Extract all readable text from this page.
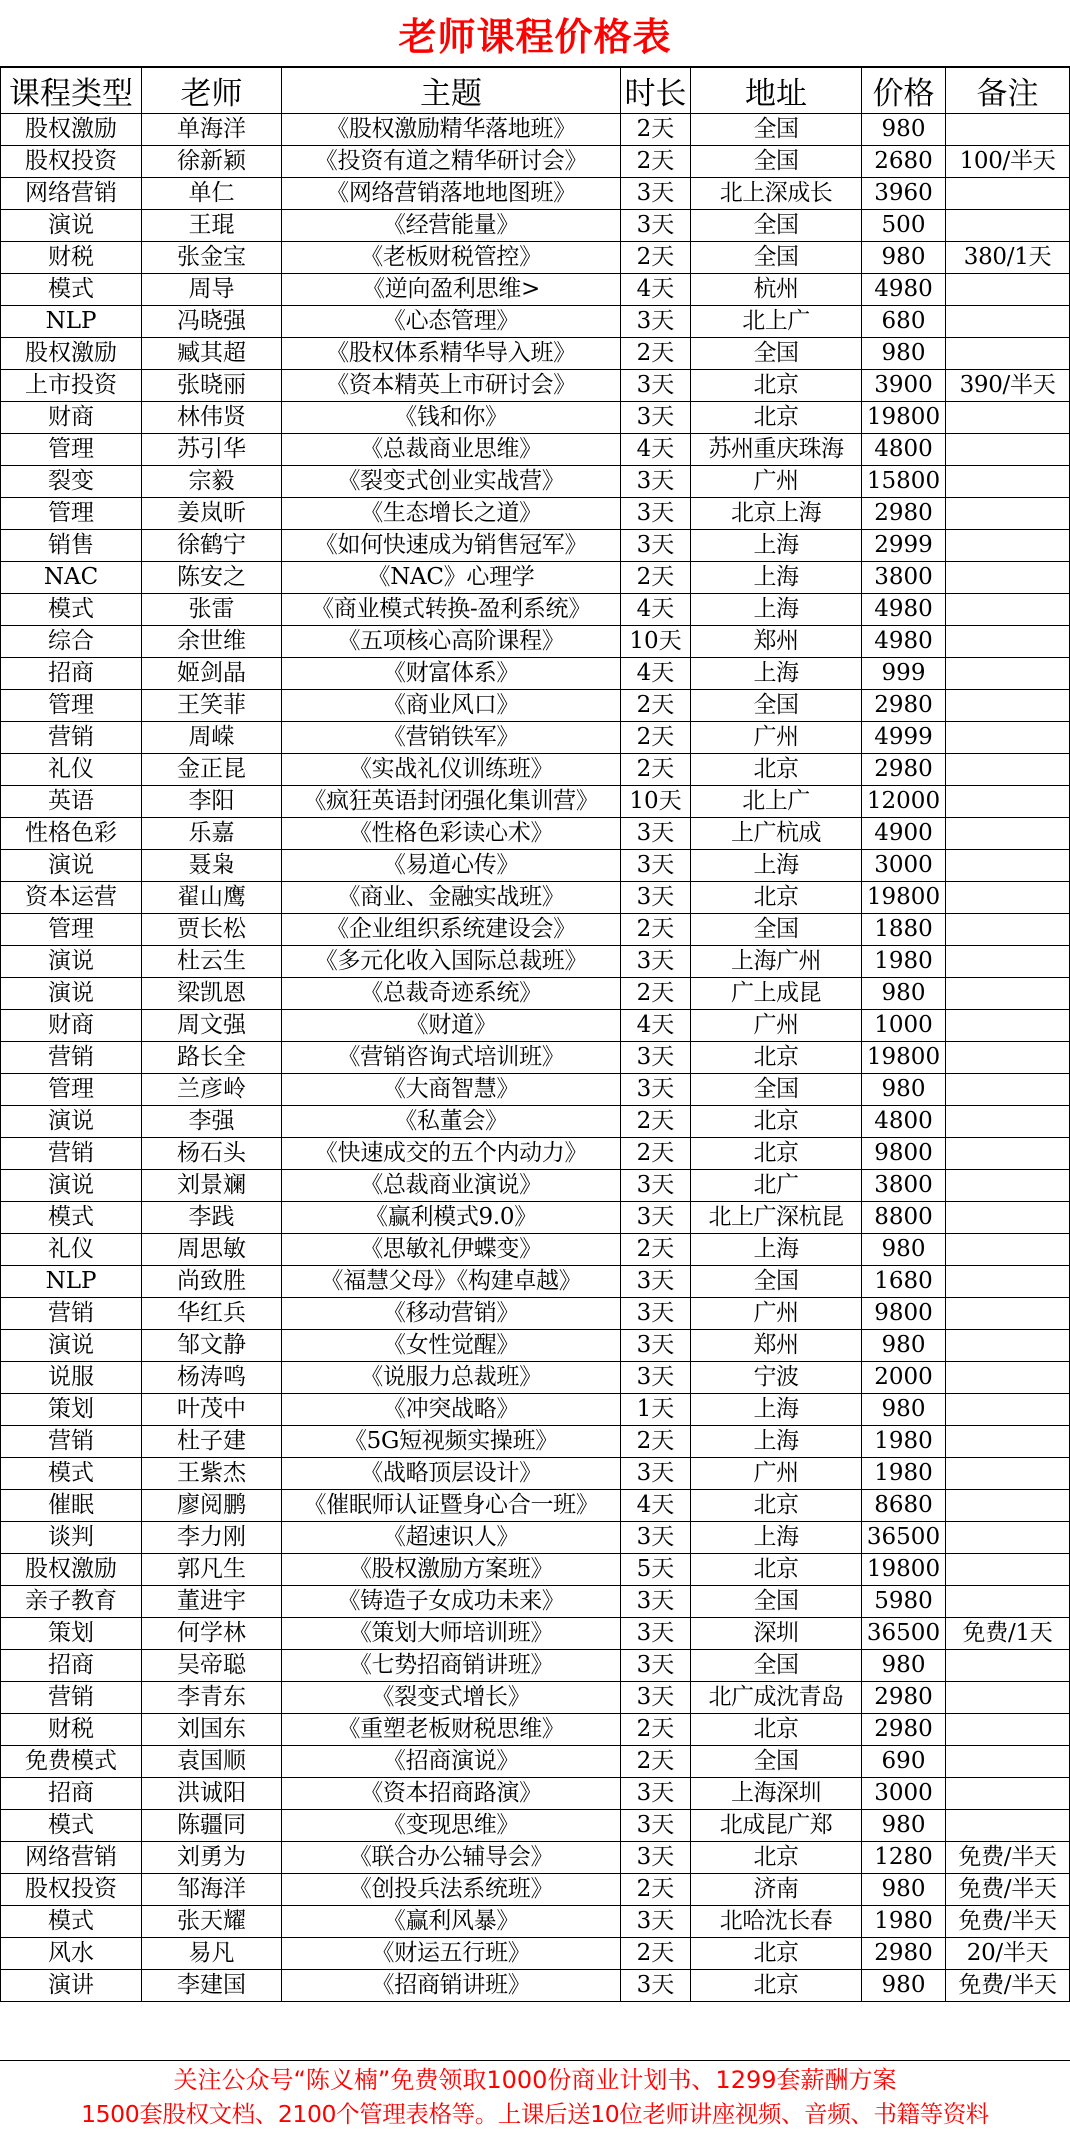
老师课程价格表
课程类型	老师	主题	时长	地址	价格	备注
股权激励	单海洋	《股权激励精华落地班》	2天	全国	980	
股权投资	徐新颖	《投资有道之精华研讨会》	2天	全国	2680	100/半天
网络营销	单仁	《网络营销落地地图班》	3天	北上深成长	3960	
演说	王琨	《经营能量》	3天	全国	500	
财税	张金宝	《老板财税管控》	2天	全国	980	380/1天
模式	周导	《逆向盈利思维>	4天	杭州	4980	
NLP	冯晓强	《心态管理》	3天	北上广	680	
股权激励	臧其超	《股权体系精华导入班》	2天	全国	980	
上市投资	张晓丽	《资本精英上市研讨会》	3天	北京	3900	390/半天
财商	林伟贤	《钱和你》	3天	北京	19800	
管理	苏引华	《总裁商业思维》	4天	苏州重庆珠海	4800	
裂变	宗毅	《裂变式创业实战营》	3天	广州	15800	
管理	姜岚昕	《生态增长之道》	3天	北京上海	2980	
销售	徐鹤宁	《如何快速成为销售冠军》	3天	上海	2999	
NAC	陈安之	《NAC》心理学	2天	上海	3800	
模式	张雷	《商业模式转换-盈利系统》	4天	上海	4980	
综合	余世维	《五项核心高阶课程》	10天	郑州	4980	
招商	姬剑晶	《财富体系》	4天	上海	999	
管理	王笑菲	《商业风口》	2天	全国	2980	
营销	周嵘	《营销铁军》	2天	广州	4999	
礼仪	金正昆	《实战礼仪训练班》	2天	北京	2980	
英语	李阳	《疯狂英语封闭强化集训营》	10天	北上广	12000	
性格色彩	乐嘉	《性格色彩读心术》	3天	上广杭成	4900	
演说	聂枭	《易道心传》	3天	上海	3000	
资本运营	翟山鹰	《商业、金融实战班》	3天	北京	19800	
管理	贾长松	《企业组织系统建设会》	2天	全国	1880	
演说	杜云生	《多元化收入国际总裁班》	3天	上海广州	1980	
演说	梁凯恩	《总裁奇迹系统》	2天	广上成昆	980	
财商	周文强	《财道》	4天	广州	1000	
营销	路长全	《营销咨询式培训班》	3天	北京	19800	
管理	兰彦岭	《大商智慧》	3天	全国	980	
演说	李强	《私董会》	2天	北京	4800	
营销	杨石头	《快速成交的五个内动力》	2天	北京	9800	
演说	刘景斓	《总裁商业演说》	3天	北广	3800	
模式	李践	《赢利模式9.0》	3天	北上广深杭昆	8800	
礼仪	周思敏	《思敏礼伊蝶变》	2天	上海	980	
NLP	尚致胜	《福慧父母》《构建卓越》	3天	全国	1680	
营销	华红兵	《移动营销》	3天	广州	9800	
演说	邹文静	《女性觉醒》	3天	郑州	980	
说服	杨涛鸣	《说服力总裁班》	3天	宁波	2000	
策划	叶茂中	《冲突战略》	1天	上海	980	
营销	杜子建	《5G短视频实操班》	2天	上海	1980	
模式	王紫杰	《战略顶层设计》	3天	广州	1980	
催眠	廖阅鹏	《催眠师认证暨身心合一班》	4天	北京	8680	
谈判	李力刚	《超速识人》	3天	上海	36500	
股权激励	郭凡生	《股权激励方案班》	5天	北京	19800	
亲子教育	董进宇	《铸造子女成功未来》	3天	全国	5980	
策划	何学林	《策划大师培训班》	3天	深圳	36500	免费/1天
招商	吴帝聪	《七势招商销讲班》	3天	全国	980	
营销	李青东	《裂变式增长》	3天	北广成沈青岛	2980	
财税	刘国东	《重塑老板财税思维》	2天	北京	2980	
免费模式	袁国顺	《招商演说》	2天	全国	690	
招商	洪诚阳	《资本招商路演》	3天	上海深圳	3000	
模式	陈疆同	《变现思维》	3天	北成昆广郑	980	
网络营销	刘勇为	《联合办公辅导会》	3天	北京	1280	免费/半天
股权投资	邹海洋	《创投兵法系统班》	2天	济南	980	免费/半天
模式	张天耀	《赢利风暴》	3天	北哈沈长春	1980	免费/半天
风水	易凡	《财运五行班》	2天	北京	2980	20/半天
演讲	李建国	《招商销讲班》	3天	北京	980	免费/半天
关注公众号“陈义楠”免费领取1000份商业计划书、1299套薪酬方案
1500套股权文档、2100个管理表格等。上课后送10位老师讲座视频、音频、书籍等资料
